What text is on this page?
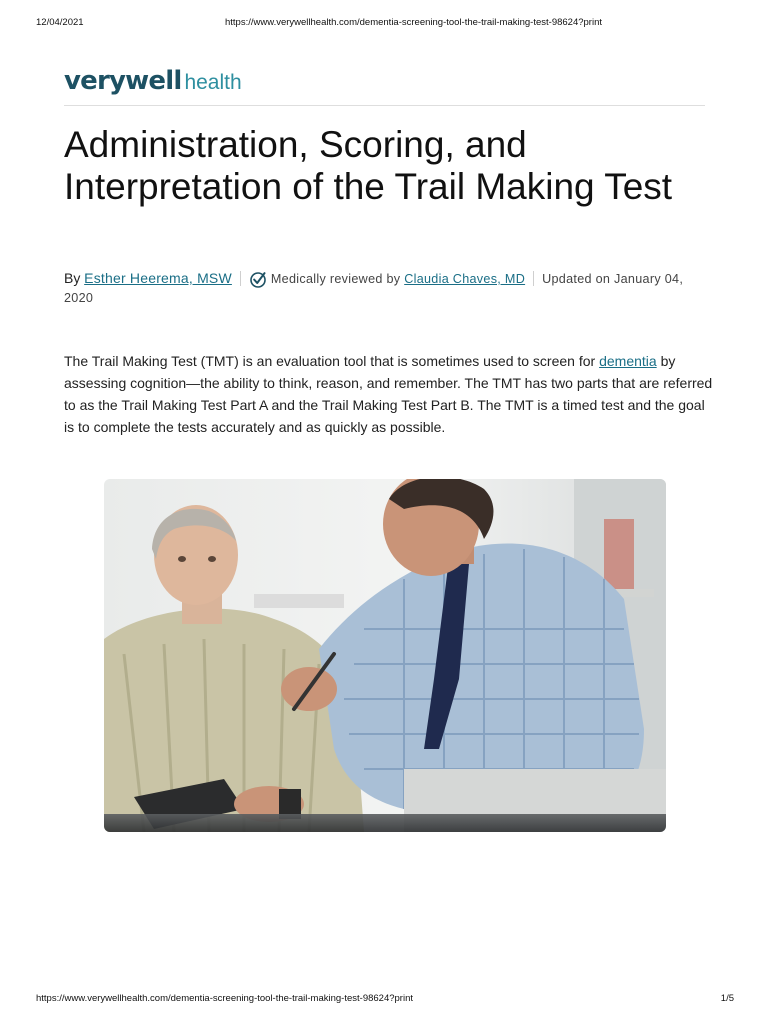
12/04/2021	https://www.verywellhealth.com/dementia-screening-tool-the-trail-making-test-98624?print
verywell health
Administration, Scoring, and Interpretation of the Trail Making Test
By Esther Heerema, MSW	Medically reviewed by Claudia Chaves, MD Updated on January 04, 2020

The Trail Making Test (TMT) is an evaluation tool that is sometimes used to screen for dementia by assessing cognition—the ability to think, reason, and remember. The TMT has two parts that are referred to as the Trail Making Test Part A and the Trail Making Test Part B. The TMT is a timed test and the goal is to complete the tests accurately and as quickly as possible.

https://www.verywellhealth.com/dementia-screening-tool-the-trail-making-test-98624?print	1/5
